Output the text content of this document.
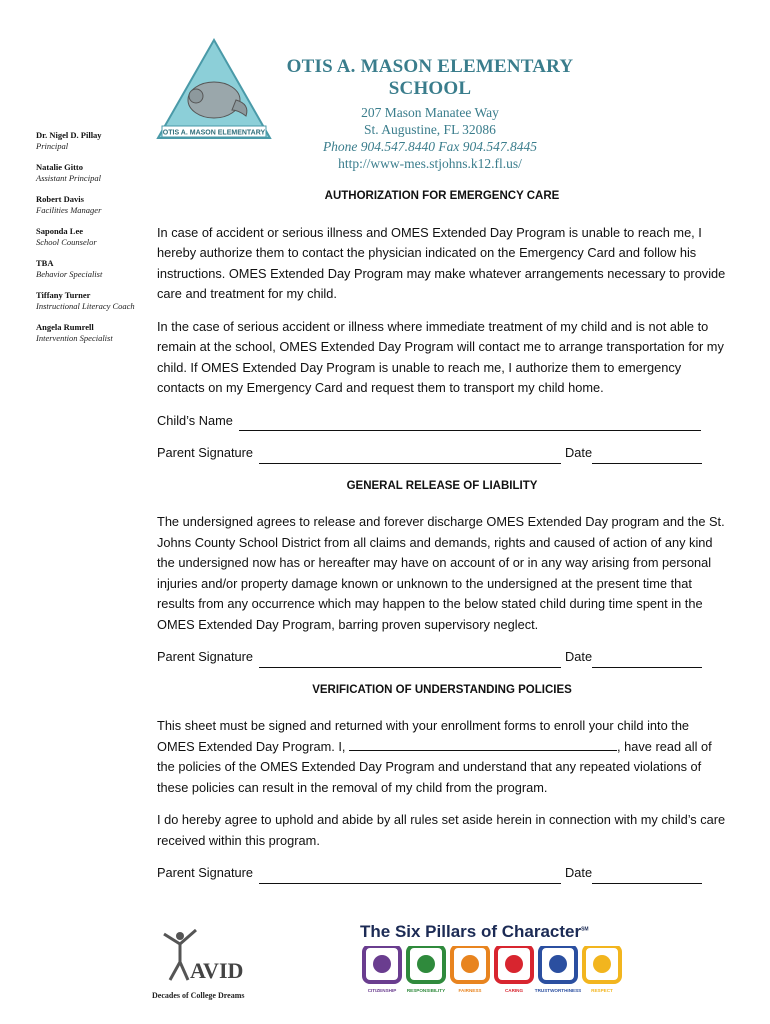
OTIS A. MASON ELEMENTARY
OTIS A. MASON ELEMENTARY SCHOOL
207 Mason Manatee Way
St. Augustine, FL 32086
Phone 904.547.8440 Fax 904.547.8445
http://www-mes.stjohns.k12.fl.us/
Dr. Nigel D. Pillay
Principal
Natalie Gitto
Assistant Principal
Robert Davis
Facilities Manager
Saponda Lee
School Counselor
TBA
Behavior Specialist
Tiffany Turner
Instructional Literacy Coach
Angela Rumrell
Intervention Specialist
AUTHORIZATION FOR EMERGENCY CARE

In case of accident or serious illness and OMES Extended Day Program is unable to reach me, I hereby authorize them to contact the physician indicated on the Emergency Card and follow his instructions. OMES Extended Day Program may make whatever arrangements necessary to provide care and treatment for my child.

In the case of serious accident or illness where immediate treatment of my child and is not able to remain at the school, OMES Extended Day Program will contact me to arrange transportation for my child. If OMES Extended Day Program is unable to reach me, I authorize them to emergency contacts on my Emergency Card and request them to transport my child home.

Child’s Name
Parent Signature	Date
GENERAL RELEASE OF LIABILITY

The undersigned agrees to release and forever discharge OMES Extended Day program and the St. Johns County School District from all claims and demands, rights and caused of action of any kind the undersigned now has or hereafter may have on account of or in any way arising from personal injuries and/or property damage known or unknown to the undersigned at the present time that results from any occurrence which may happen to the below stated child during time spent in the OMES Extended Day Program, barring proven supervisory neglect.

Parent Signature	Date
VERIFICATION OF UNDERSTANDING POLICIES

This sheet must be signed and returned with your enrollment forms to enroll your child into the OMES Extended Day Program. I,	, have read all of the policies of the OMES Extended Day Program and understand that any repeated violations of these policies can result in the removal of my child from the program.

I do hereby agree to uphold and abide by all rules set aside herein in connection with my child’s care received within this program.

Parent Signature	Date
AVID
Decades of College Dreams
The Six Pillars of Character℠
CITIZENSHIP RESPONSIBILITY	FAIRNESS	CARING	TRUSTWORTHINESS RESPECT
